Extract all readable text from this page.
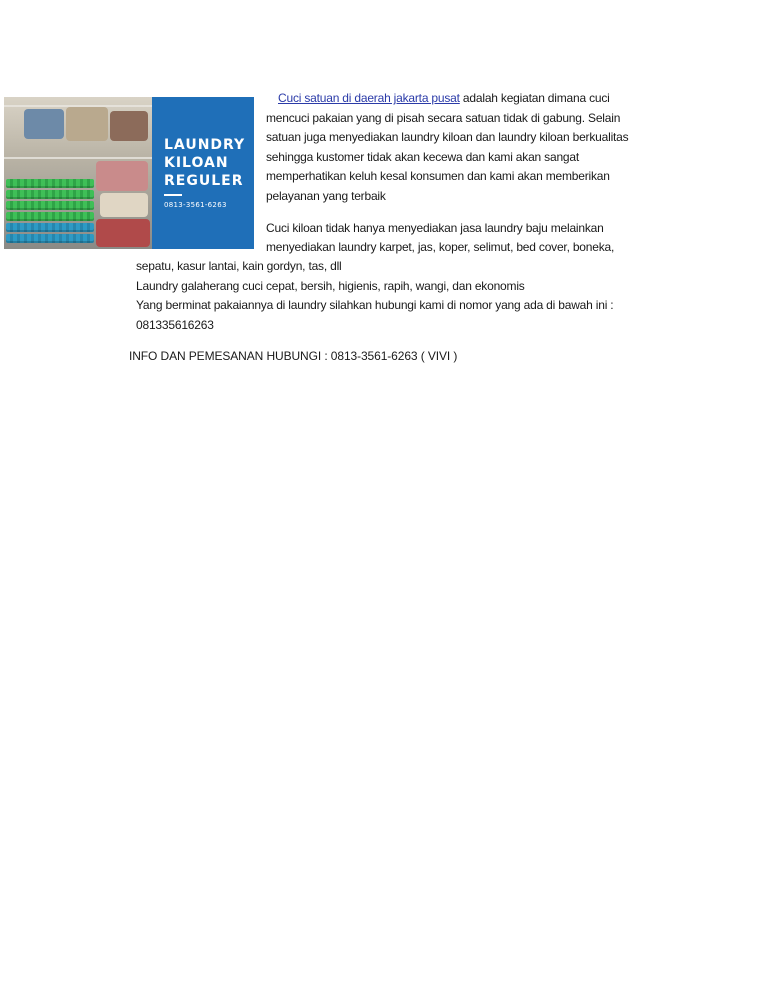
LAUNDRY
KILOAN
REGULER
0813-3561-6263
Cuci satuan di daerah jakarta pusat adalah kegiatan dimana cuci
mencuci pakaian yang di pisah secara satuan tidak di gabung. Selain
satuan juga menyediakan laundry kiloan dan laundry kiloan berkualitas
sehingga kustomer tidak akan kecewa dan kami akan sangat
memperhatikan keluh kesal konsumen dan kami akan memberikan
pelayanan yang terbaik
Cuci kiloan tidak hanya menyediakan jasa laundry baju melainkan
menyediakan laundry karpet, jas, koper, selimut, bed cover, boneka,
sepatu, kasur lantai, kain gordyn, tas, dll
Laundry galaherang cuci cepat, bersih, higienis, rapih, wangi, dan ekonomis
Yang berminat pakaiannya di laundry silahkan hubungi kami di nomor yang ada di bawah ini :
081335616263
INFO DAN PEMESANAN HUBUNGI : 0813-3561-6263 ( VIVI )
